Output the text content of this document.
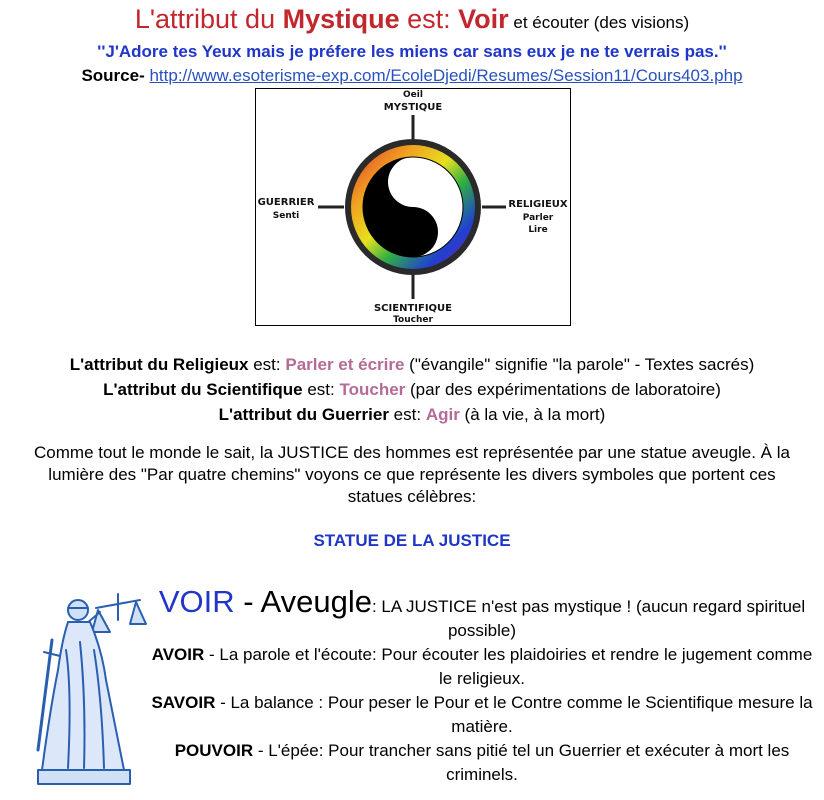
L'attribut du Mystique est: Voir et écouter (des visions)
''J'Adore tes Yeux mais je préfere les miens car sans eux je ne te verrais pas.''
Source- http://www.esoterisme-exp.com/EcoleDjedi/Resumes/Session11/Cours403.php
Oeil
MYSTIQUE
GUERRIER
Senti
RELIGIEUX
Parler
Lire
SCIENTIFIQUE
Toucher
L'attribut du Religieux est: Parler et écrire ("évangile" signifie "la parole" - Textes sacrés)
L'attribut du Scientifique est: Toucher (par des expérimentations de laboratoire)
L'attribut du Guerrier est: Agir (à la vie, à la mort)
Comme tout le monde le sait, la JUSTICE des hommes est représentée par une statue aveugle. À la lumière des "Par quatre chemins" voyons ce que représente les divers symboles que portent ces statues célèbres:
STATUE DE LA JUSTICE

VOIR - Aveugle: LA JUSTICE n'est pas mystique ! (aucun regard spirituel possible)

AVOIR - La parole et l'écoute: Pour écouter les plaidoiries et rendre le jugement comme le religieux.

SAVOIR - La balance : Pour peser le Pour et le Contre comme le Scientifique mesure la matière.

POUVOIR - L'épée: Pour trancher sans pitié tel un Guerrier et exécuter à mort les criminels.
